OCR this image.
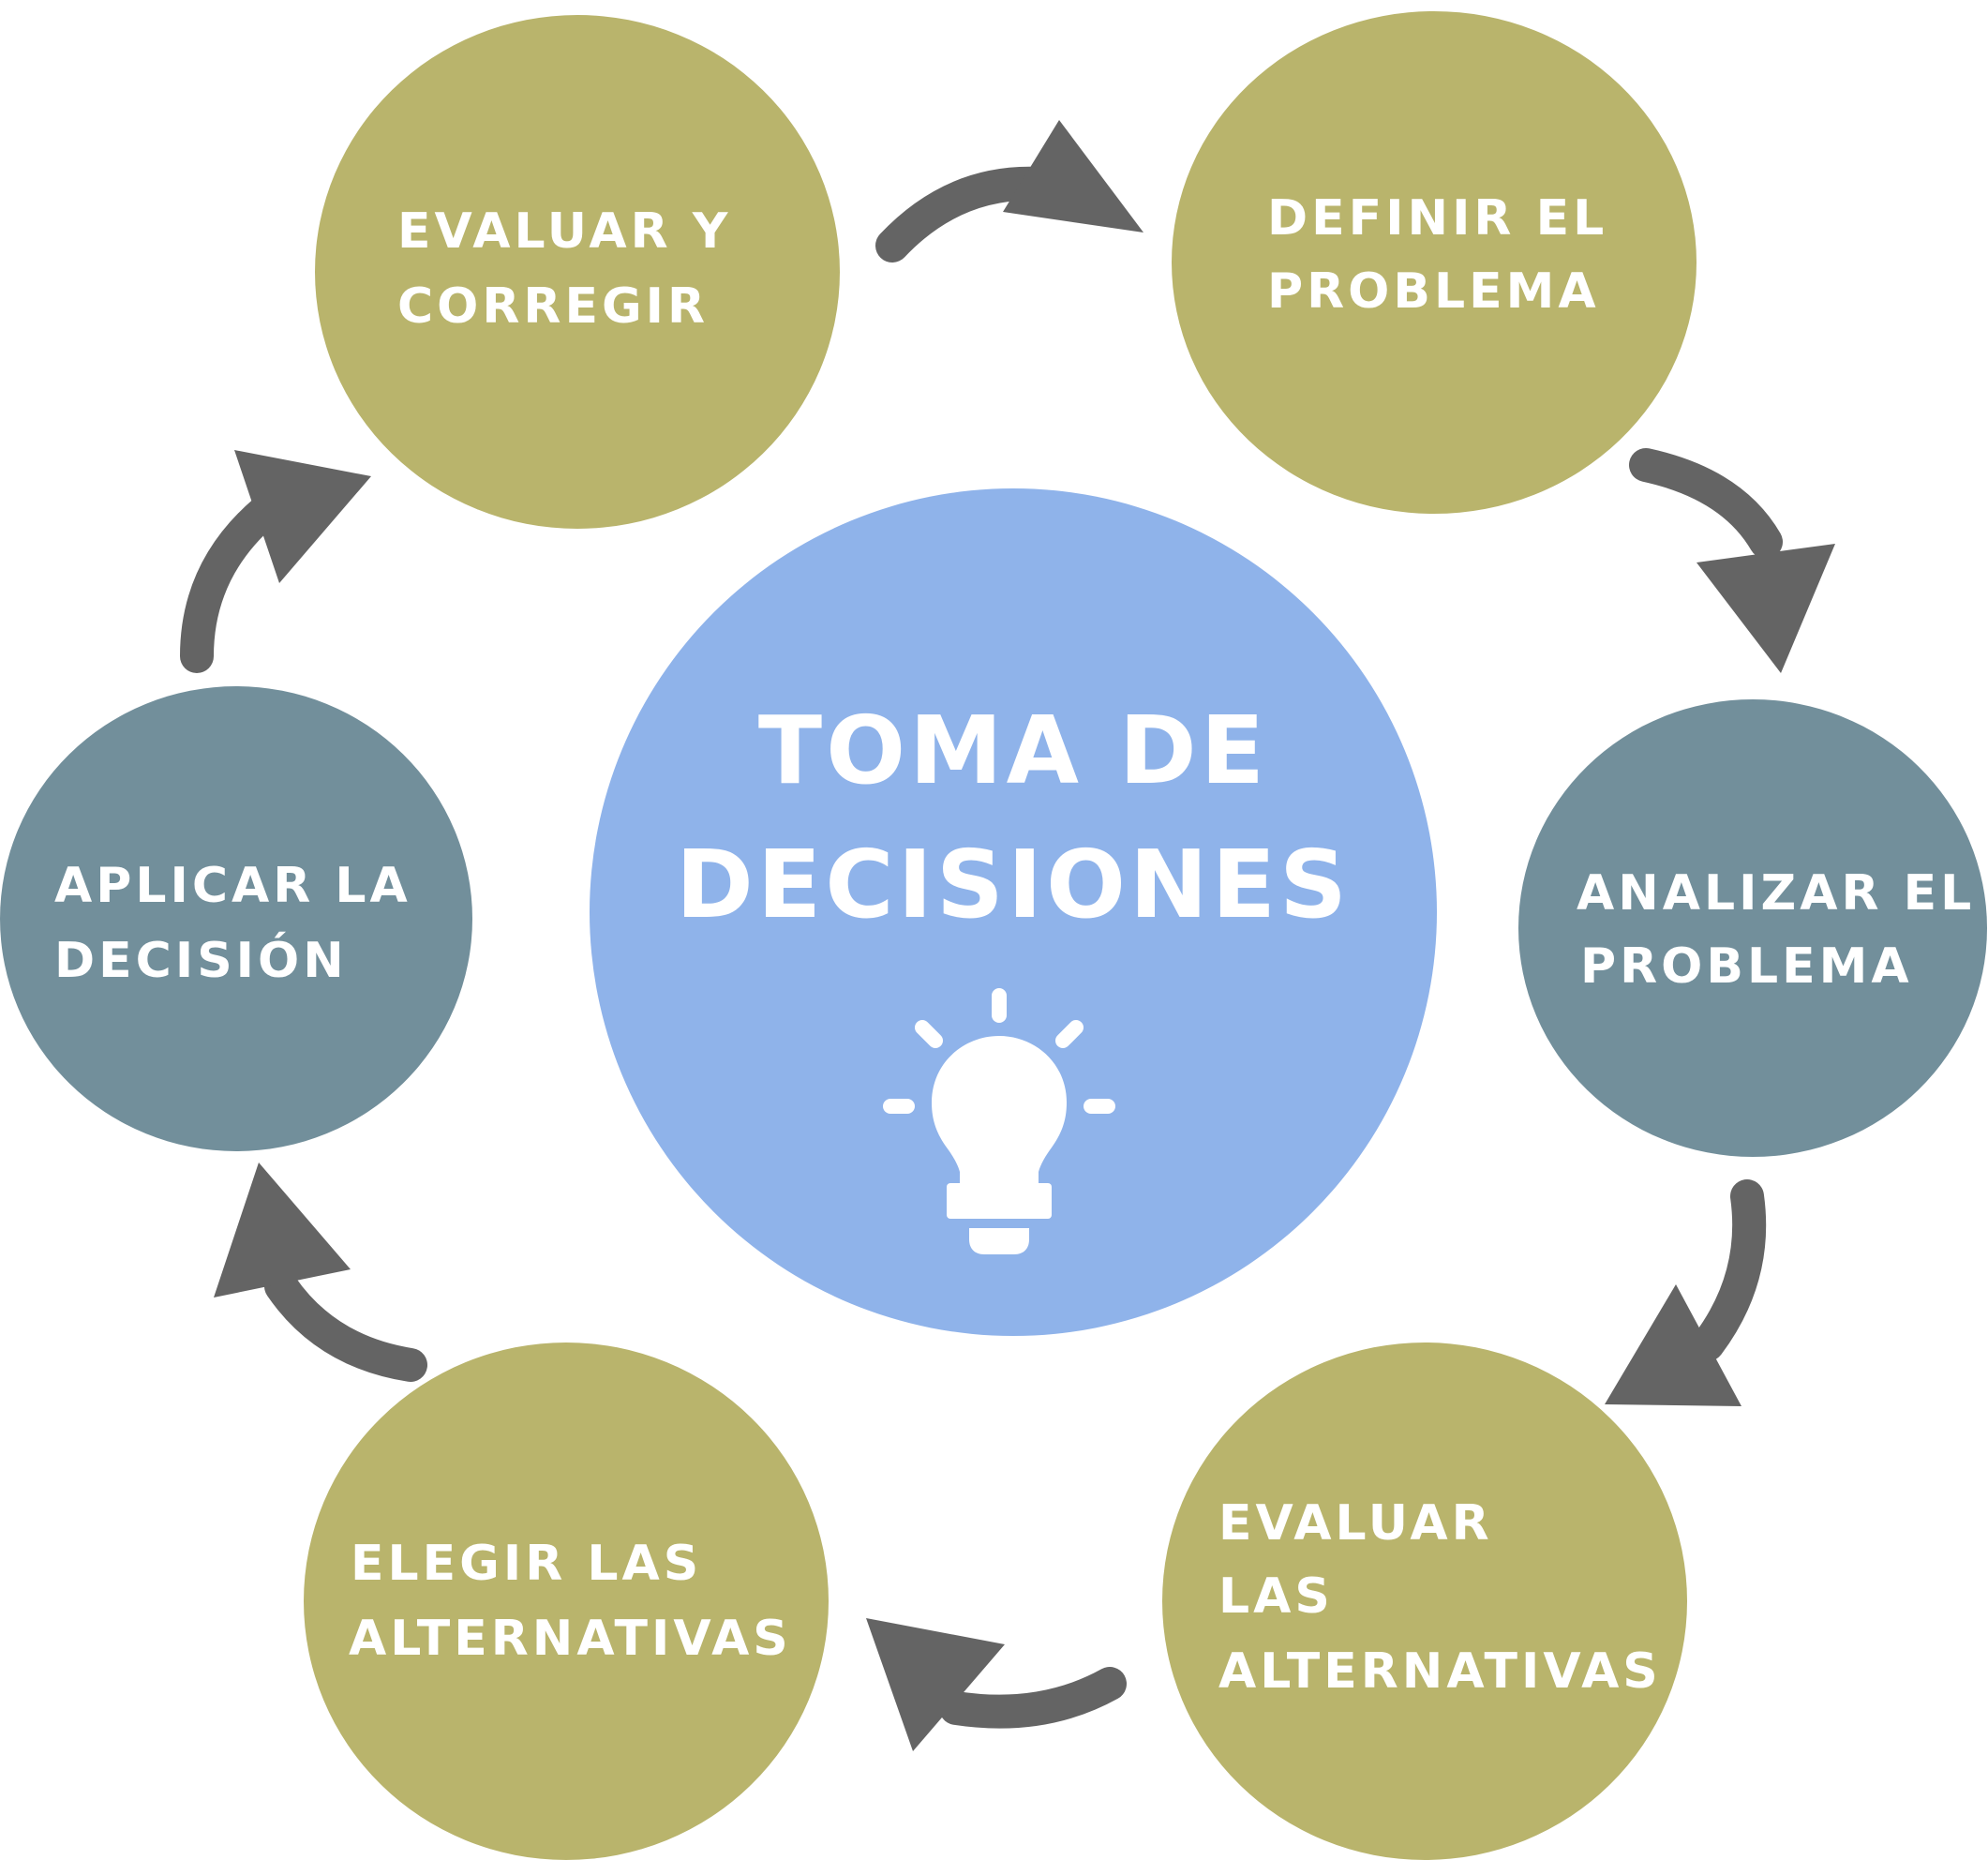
TOMA DE
DECISIONES
DEFINIR EL
PROBLEMA
ANALIZAR EL
PROBLEMA
EVALUAR
LAS
ALTERNATIVAS
ELEGIR LAS
ALTERNATIVAS
APLICAR LA
DECISIÓN
EVALUAR Y
CORREGIR
